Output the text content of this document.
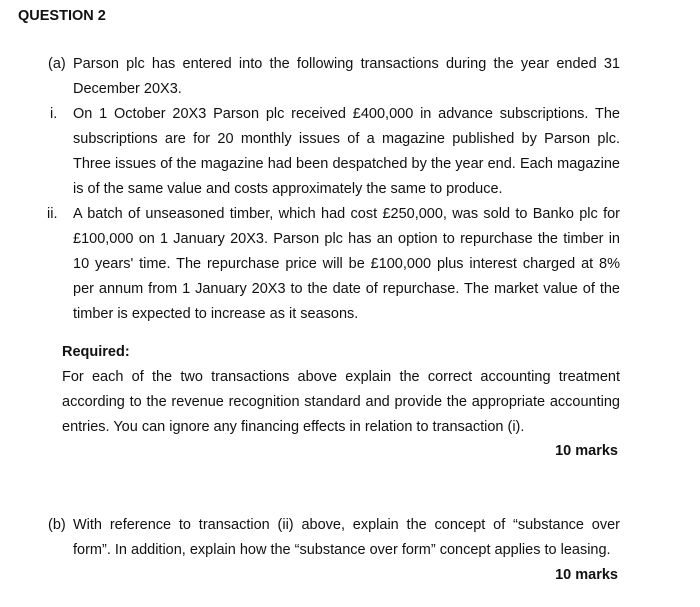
QUESTION 2
(a) Parson plc has entered into the following transactions during the year ended 31 December 20X3.
i. On 1 October 20X3 Parson plc received £400,000 in advance subscriptions. The subscriptions are for 20 monthly issues of a magazine published by Parson plc. Three issues of the magazine had been despatched by the year end. Each magazine is of the same value and costs approximately the same to produce.
ii. A batch of unseasoned timber, which had cost £250,000, was sold to Banko plc for £100,000 on 1 January 20X3. Parson plc has an option to repurchase the timber in 10 years' time. The repurchase price will be £100,000 plus interest charged at 8% per annum from 1 January 20X3 to the date of repurchase. The market value of the timber is expected to increase as it seasons.
Required:
For each of the two transactions above explain the correct accounting treatment according to the revenue recognition standard and provide the appropriate accounting entries. You can ignore any financing effects in relation to transaction (i).
10 marks
(b) With reference to transaction (ii) above, explain the concept of “substance over form”. In addition, explain how the “substance over form” concept applies to leasing.
10 marks
